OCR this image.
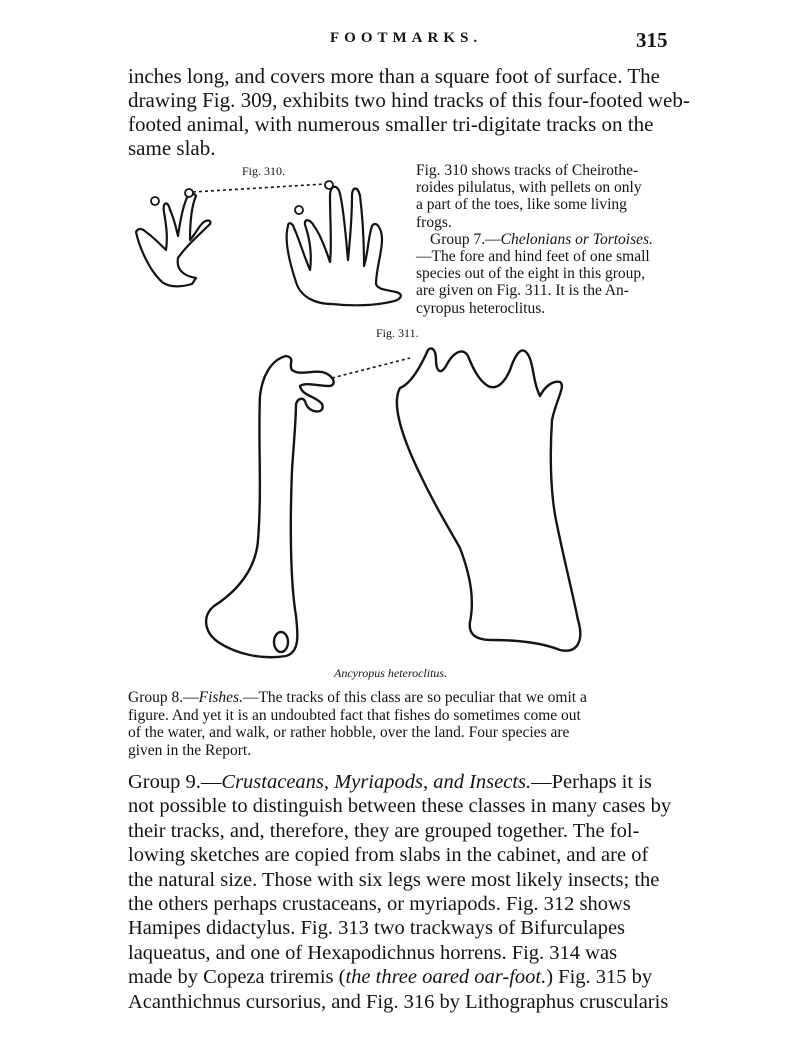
FOOTMARKS.	315
inches long, and covers more than a square foot of surface. The
drawing Fig. 309, exhibits two hind tracks of this four-footed web-
footed animal, with numerous smaller tri-digitate tracks on the
same slab.
Fig. 310.	Fig. 310 shows tracks of Cheirothe-
roides pilulatus, with pellets on only
a part of the toes, like some living
frogs.
Group 7.—Chelonians or Tortoises.
—The fore and hind feet of one small
species out of the eight in this group,
are given on Fig. 311. It is the An-
cyropus heteroclitus.
Fig. 311.
Ancyropus heteroclitus.
Group 8.—Fishes.—The tracks of this class are so peculiar that we omit a
figure. And yet it is an undoubted fact that fishes do sometimes come out
of the water, and walk, or rather hobble, over the land. Four species are
given in the Report.
Group 9.—Crustaceans, Myriapods, and Insects.—Perhaps it is
not possible to distinguish between these classes in many cases by
their tracks, and, therefore, they are grouped together. The fol-
lowing sketches are copied from slabs in the cabinet, and are of
the natural size. Those with six legs were most likely insects; the
the others perhaps crustaceans, or myriapods. Fig. 312 shows
Hamipes didactylus. Fig. 313 two trackways of Bifurculapes
laqueatus, and one of Hexapodichnus horrens. Fig. 314 was
made by Copeza triremis (the three oared oar-foot.) Fig. 315 by
Acanthichnus cursorius, and Fig. 316 by Lithographus cruscularis
